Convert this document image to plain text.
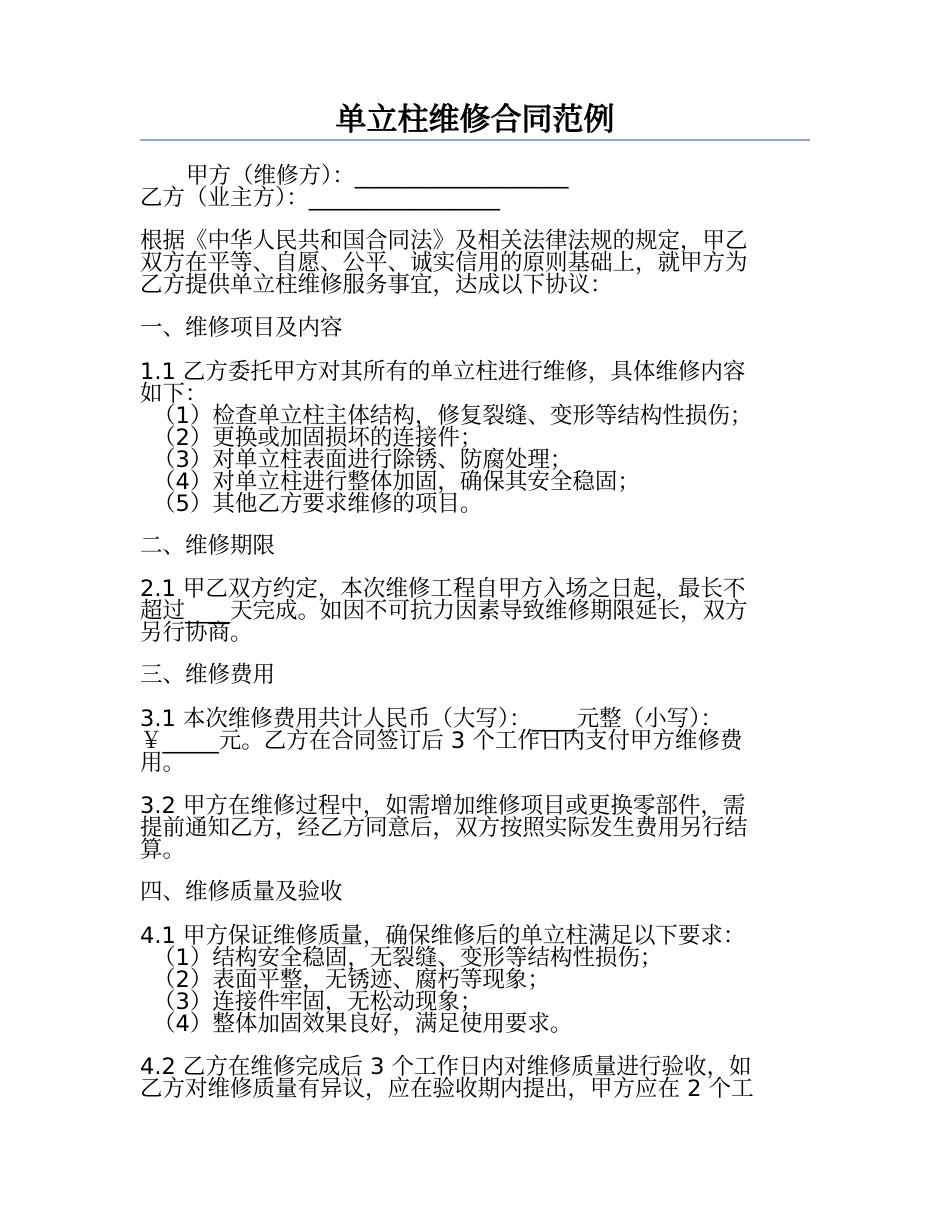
单立柱维修合同范例
甲方（维修方）：___________________
乙方（业主方）：_________________
根据《中华人民共和国合同法》及相关法律法规的规定，甲乙
双方在平等、自愿、公平、诚实信用的原则基础上，就甲方为
乙方提供单立柱维修服务事宜，达成以下协议：
一、维修项目及内容
1.1 乙方委托甲方对其所有的单立柱进行维修，具体维修内容
如下：
（1）检查单立柱主体结构，修复裂缝、变形等结构性损伤；
（2）更换或加固损坏的连接件；
（3）对单立柱表面进行除锈、防腐处理；
（4）对单立柱进行整体加固，确保其安全稳固；
（5）其他乙方要求维修的项目。
二、维修期限
2.1 甲乙双方约定，本次维修工程自甲方入场之日起，最长不
超过____天完成。如因不可抗力因素导致维修期限延长，双方
另行协商。
三、维修费用
3.1 本次维修费用共计人民币（大写）：____元整（小写）：
￥_____元。乙方在合同签订后 3 个工作日内支付甲方维修费
用。
3.2 甲方在维修过程中，如需增加维修项目或更换零部件，需
提前通知乙方，经乙方同意后，双方按照实际发生费用另行结
算。
四、维修质量及验收
4.1 甲方保证维修质量，确保维修后的单立柱满足以下要求：
（1）结构安全稳固，无裂缝、变形等结构性损伤；
（2）表面平整，无锈迹、腐朽等现象；
（3）连接件牢固，无松动现象；
（4）整体加固效果良好，满足使用要求。
4.2 乙方在维修完成后 3 个工作日内对维修质量进行验收，如
乙方对维修质量有异议，应在验收期内提出，甲方应在 2 个工
